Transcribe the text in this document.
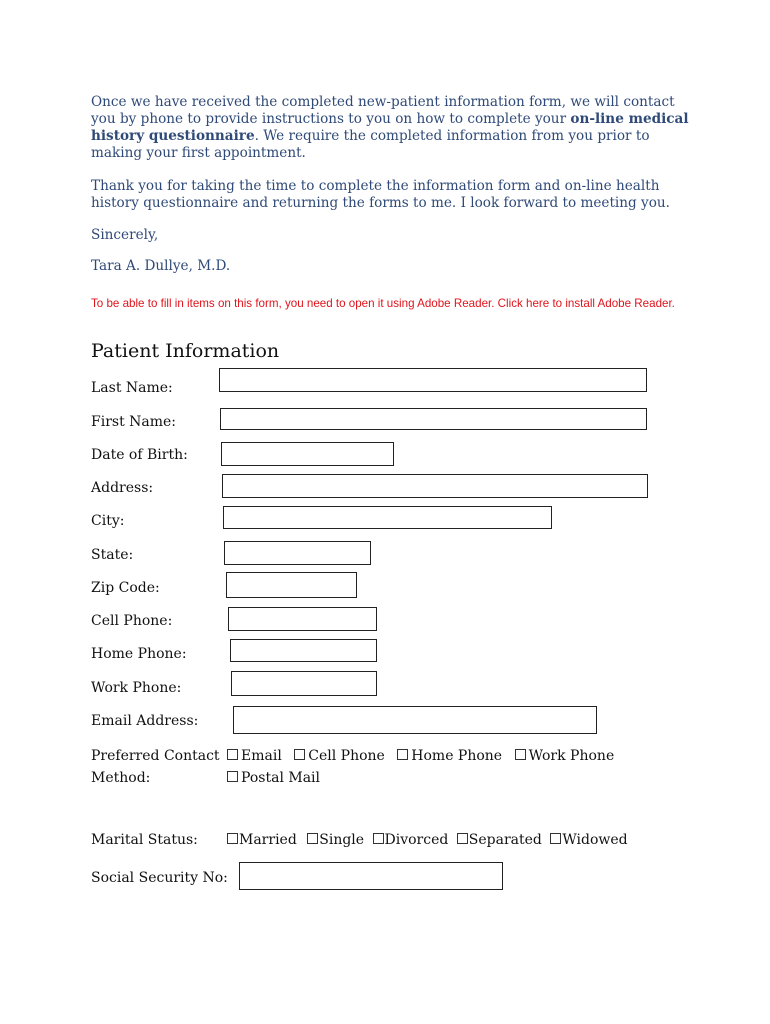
Once we have received the completed new-patient information form, we will contact you by phone to provide instructions to you on how to complete your on-line medical history questionnaire. We require the completed information from you prior to making your first appointment.

Thank you for taking the time to complete the information form and on-line health history questionnaire and returning the forms to me. I look forward to meeting you.

Sincerely,

Tara A. Dullye, M.D.

To be able to fill in items on this form, you need to open it using Adobe Reader. Click here to install Adobe Reader.
Patient Information
Last Name:
First Name:
Date of Birth:
Address:
City:
State:
Zip Code:
Cell Phone:
Home Phone:
Work Phone:
Email Address:
Preferred Contact
Method:
Email Cell Phone Home Phone Work Phone
Postal Mail
Marital Status:	Married Single Divorced Separated Widowed
Social Security No:
